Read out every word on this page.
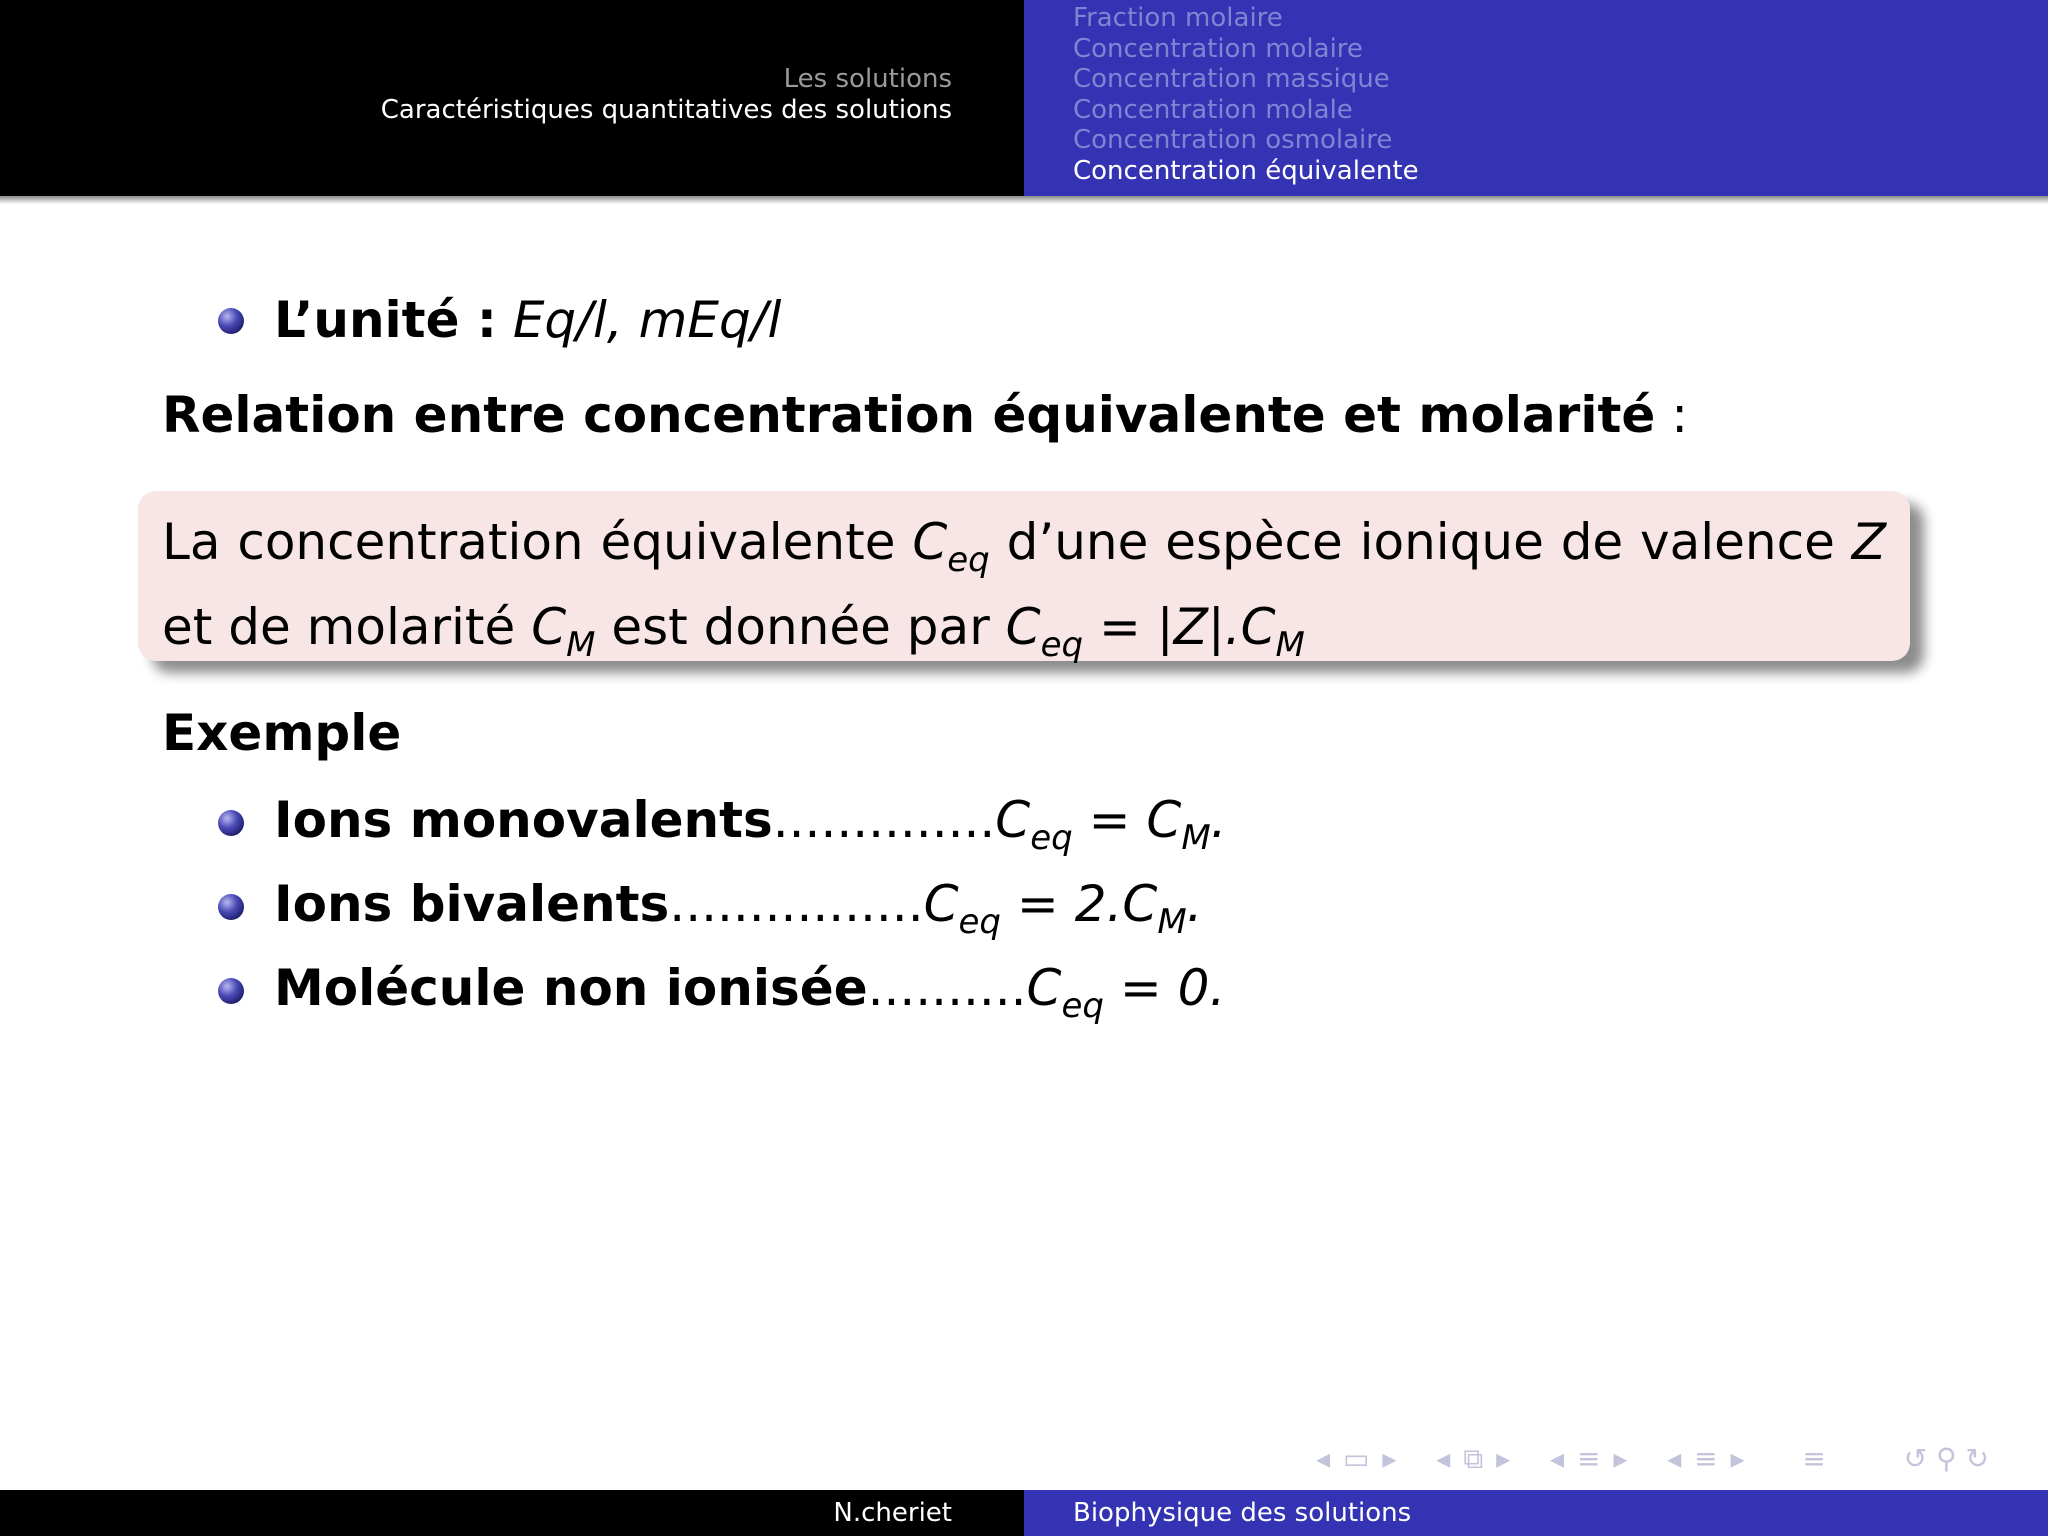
Les solutions
Caractéristiques quantitatives des solutions
Fraction molaire
Concentration molaire
Concentration massique
Concentration molale
Concentration osmolaire
Concentration équivalente
L’unité : Eq/l, mEq/l
Relation entre concentration équivalente et molarité :
La concentration équivalente $C_{eq}$ d’une espèce ionique de valence Z et de molarité $C_M$ est donnée par $C_{eq} = |Z|.C_M$
Exemple
Ions $monovalents..............C_{eq} = C_M$.
Ions $bivalents................C_{eq} = 2.C_M$.
Molécule non $ionisée..........C_{eq} = 0$.
◂ ▭ ▸ ◂ ⧉ ▸ ◂ ≡ ▸ ◂ ≡ ▸ ≡	↺ ⚲ ↻
N.cheriet	Biophysique des solutions
